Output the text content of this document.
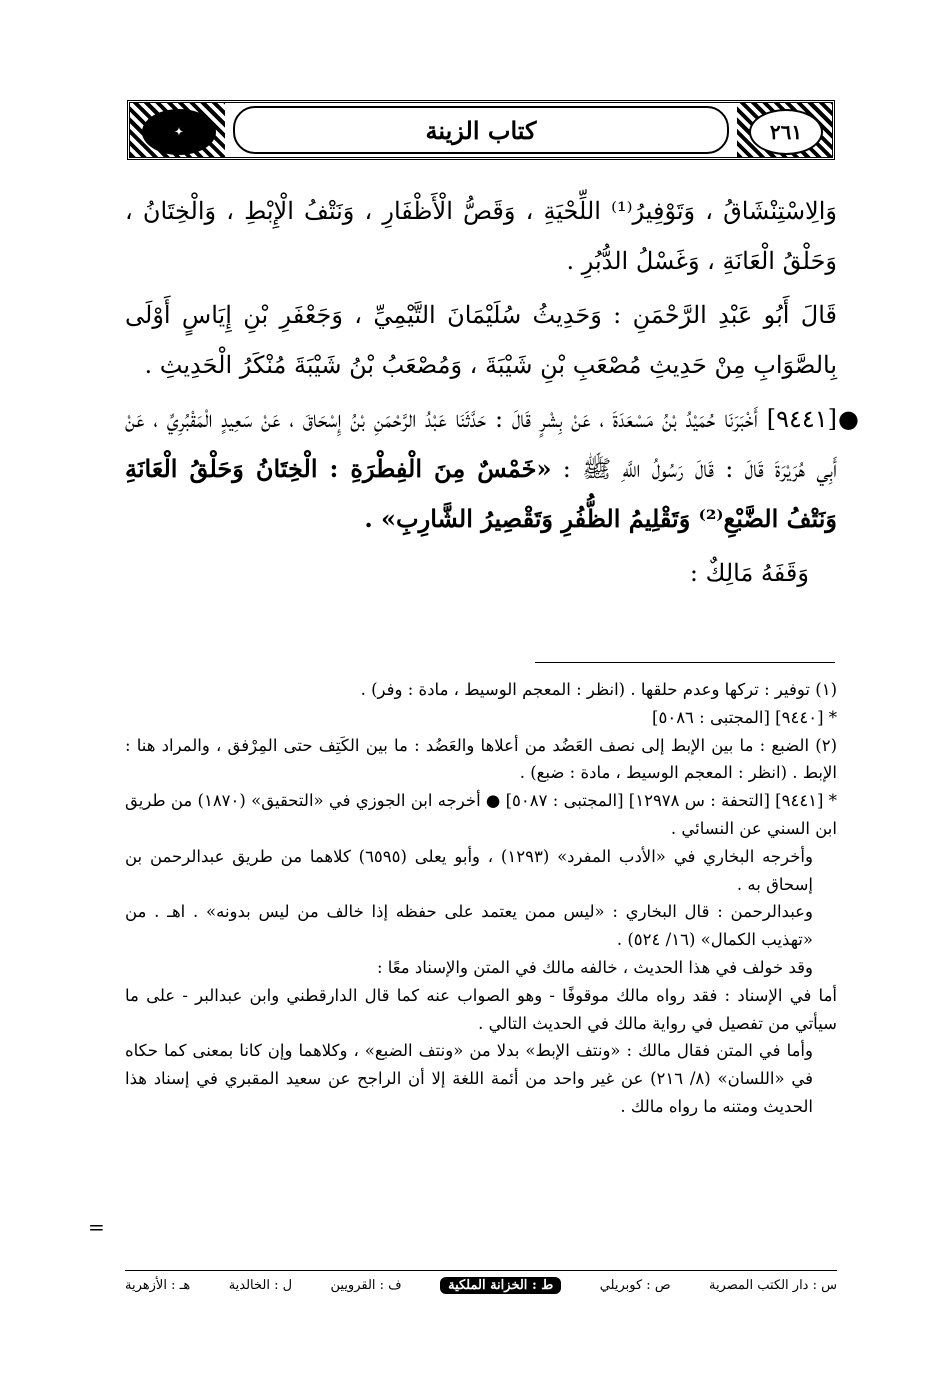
✦	كتاب الزينة	٢٦١

وَالِاسْتِنْشَاقُ ، وَتَوْفِيرُ⁽¹⁾ اللِّحْيَةِ ، وَقَصُّ الْأَظْفَارِ ، وَنَتْفُ الْإِبْطِ ، وَالْخِتَانُ ، وَحَلْقُ الْعَانَةِ ، وَغَسْلُ الدُّبُرِ .

قَالَ أَبُو عَبْدِ الرَّحْمَنِ : وَحَدِيثُ سُلَيْمَانَ التَّيْمِيِّ ، وَجَعْفَرِ بْنِ إِيَاسٍ أَوْلَى بِالصَّوَابِ مِنْ حَدِيثِ مُصْعَبِ بْنِ شَيْبَةَ ، وَمُصْعَبُ بْنُ شَيْبَةَ مُنْكَرُ الْحَدِيثِ .

●
[٩٤٤١] أَخْبَرَنَا حُمَيْدُ بْنُ مَسْعَدَةَ ، عَنْ بِشْرٍ قَالَ : حَدَّثَنَا عَبْدُ الرَّحْمَنِ بْنُ إِسْحَاقَ ، عَنْ سَعِيدٍ الْمَقْبُرِيِّ ، عَنْ أَبِي هُرَيْرَةَ قَالَ : قَالَ رَسُولُ اللَّهِ ﷺ : «خَمْسٌ مِنَ الْفِطْرَةِ : الْخِتَانُ وَحَلْقُ الْعَانَةِ وَنَتْفُ الضَّبْعِ⁽²⁾ وَتَقْلِيمُ الظُّفُرِ وَتَقْصِيرُ الشَّارِبِ» .

وَقَفَهُ مَالِكٌ :

(١) توفير : تركها وعدم حلقها . (انظر : المعجم الوسيط ، مادة : وفر) .

* [٩٤٤٠] [المجتبى : ٥٠٨٦]

(٢) الضبع : ما بين الإبط إلى نصف العَضُد من أعلاها والعَضُد : ما بين الكَتِف حتى المِرْفق ، والمراد هنا : الإبط . (انظر : المعجم الوسيط ، مادة : ضبع) .

* [٩٤٤١] [التحفة : س ١٢٩٧٨] [المجتبى : ٥٠٨٧] ● أخرجه ابن الجوزي في «التحقيق» (١٨٧٠) من طريق ابن السني عن النسائي .

وأخرجه البخاري في «الأدب المفرد» (١٢٩٣) ، وأبو يعلى (٦٥٩٥) كلاهما من طريق عبدالرحمن بن إسحاق به .

وعبدالرحمن : قال البخاري : «ليس ممن يعتمد على حفظه إذا خالف من ليس بدونه» . اهـ . من «تهذيب الكمال» (١٦/ ٥٢٤) .

وقد خولف في هذا الحديث ، خالفه مالك في المتن والإسناد معًا :

أما في الإسناد : فقد رواه مالك موقوفًا - وهو الصواب عنه كما قال الدارقطني وابن عبدالبر - على ما سيأتي من تفصيل في رواية مالك في الحديث التالي .

وأما في المتن فقال مالك : «ونتف الإبط» بدلا من «ونتف الضبع» ، وكلاهما وإن كانا بمعنى كما حكاه في «اللسان» (٨/ ٢١٦) عن غير واحد من أئمة اللغة إلا أن الراجح عن سعيد المقبري في إسناد هذا الحديث ومتنه ما رواه مالك .

=
س : دار الكتب المصرية
ص : كوبريلي
ط : الخزانة الملكية
ف : القرويين
ل : الخالدية
هـ : الأزهرية
